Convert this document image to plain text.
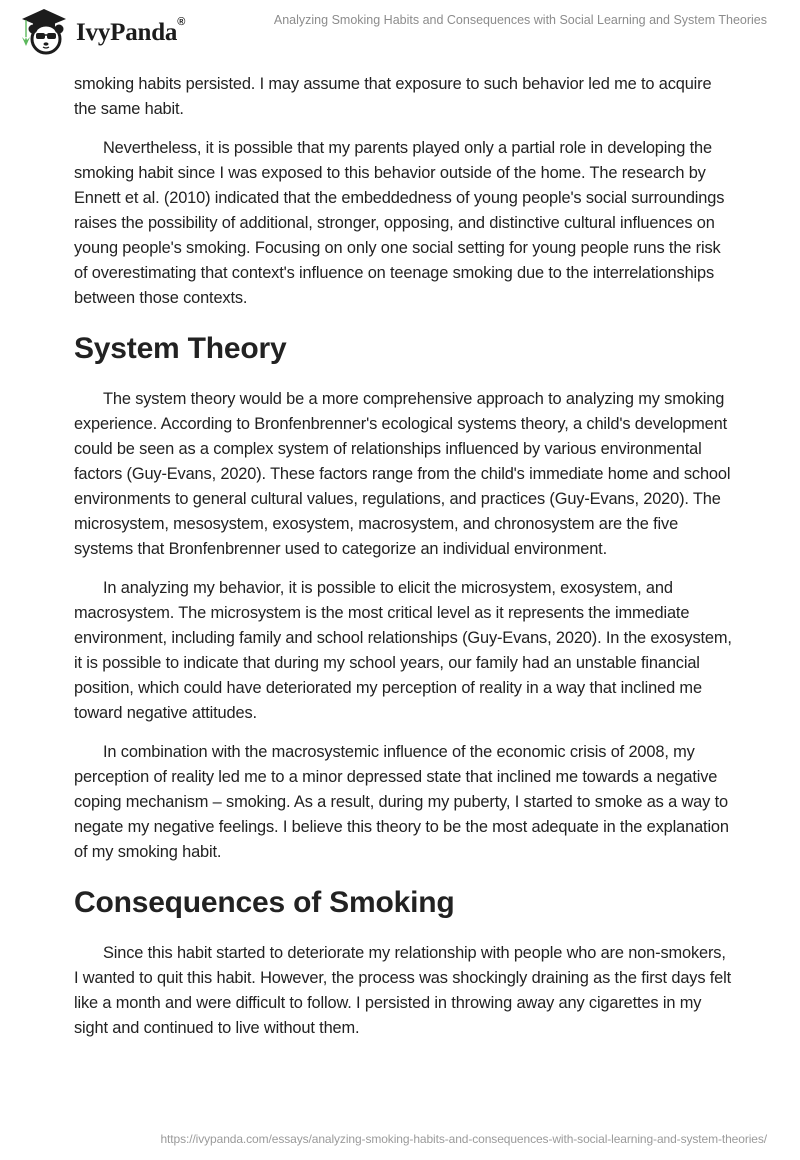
IvyPanda®	Analyzing Smoking Habits and Consequences with Social Learning and System Theories

smoking habits persisted. I may assume that exposure to such behavior led me to acquire the same habit.

Nevertheless, it is possible that my parents played only a partial role in developing the smoking habit since I was exposed to this behavior outside of the home. The research by Ennett et al. (2010) indicated that the embeddedness of young people's social surroundings raises the possibility of additional, stronger, opposing, and distinctive cultural influences on young people's smoking. Focusing on only one social setting for young people runs the risk of overestimating that context's influence on teenage smoking due to the interrelationships between those contexts.

System Theory

The system theory would be a more comprehensive approach to analyzing my smoking experience. According to Bronfenbrenner's ecological systems theory, a child's development could be seen as a complex system of relationships influenced by various environmental factors (Guy-Evans, 2020). These factors range from the child's immediate home and school environments to general cultural values, regulations, and practices (Guy-Evans, 2020). The microsystem, mesosystem, exosystem, macrosystem, and chronosystem are the five systems that Bronfenbrenner used to categorize an individual environment.

In analyzing my behavior, it is possible to elicit the microsystem, exosystem, and macrosystem. The microsystem is the most critical level as it represents the immediate environment, including family and school relationships (Guy-Evans, 2020). In the exosystem, it is possible to indicate that during my school years, our family had an unstable financial position, which could have deteriorated my perception of reality in a way that inclined me toward negative attitudes.

In combination with the macrosystemic influence of the economic crisis of 2008, my perception of reality led me to a minor depressed state that inclined me towards a negative coping mechanism – smoking. As a result, during my puberty, I started to smoke as a way to negate my negative feelings. I believe this theory to be the most adequate in the explanation of my smoking habit.

Consequences of Smoking

Since this habit started to deteriorate my relationship with people who are non-smokers, I wanted to quit this habit. However, the process was shockingly draining as the first days felt like a month and were difficult to follow. I persisted in throwing away any cigarettes in my sight and continued to live without them.

https://ivypanda.com/essays/analyzing-smoking-habits-and-consequences-with-social-learning-and-system-theories/
